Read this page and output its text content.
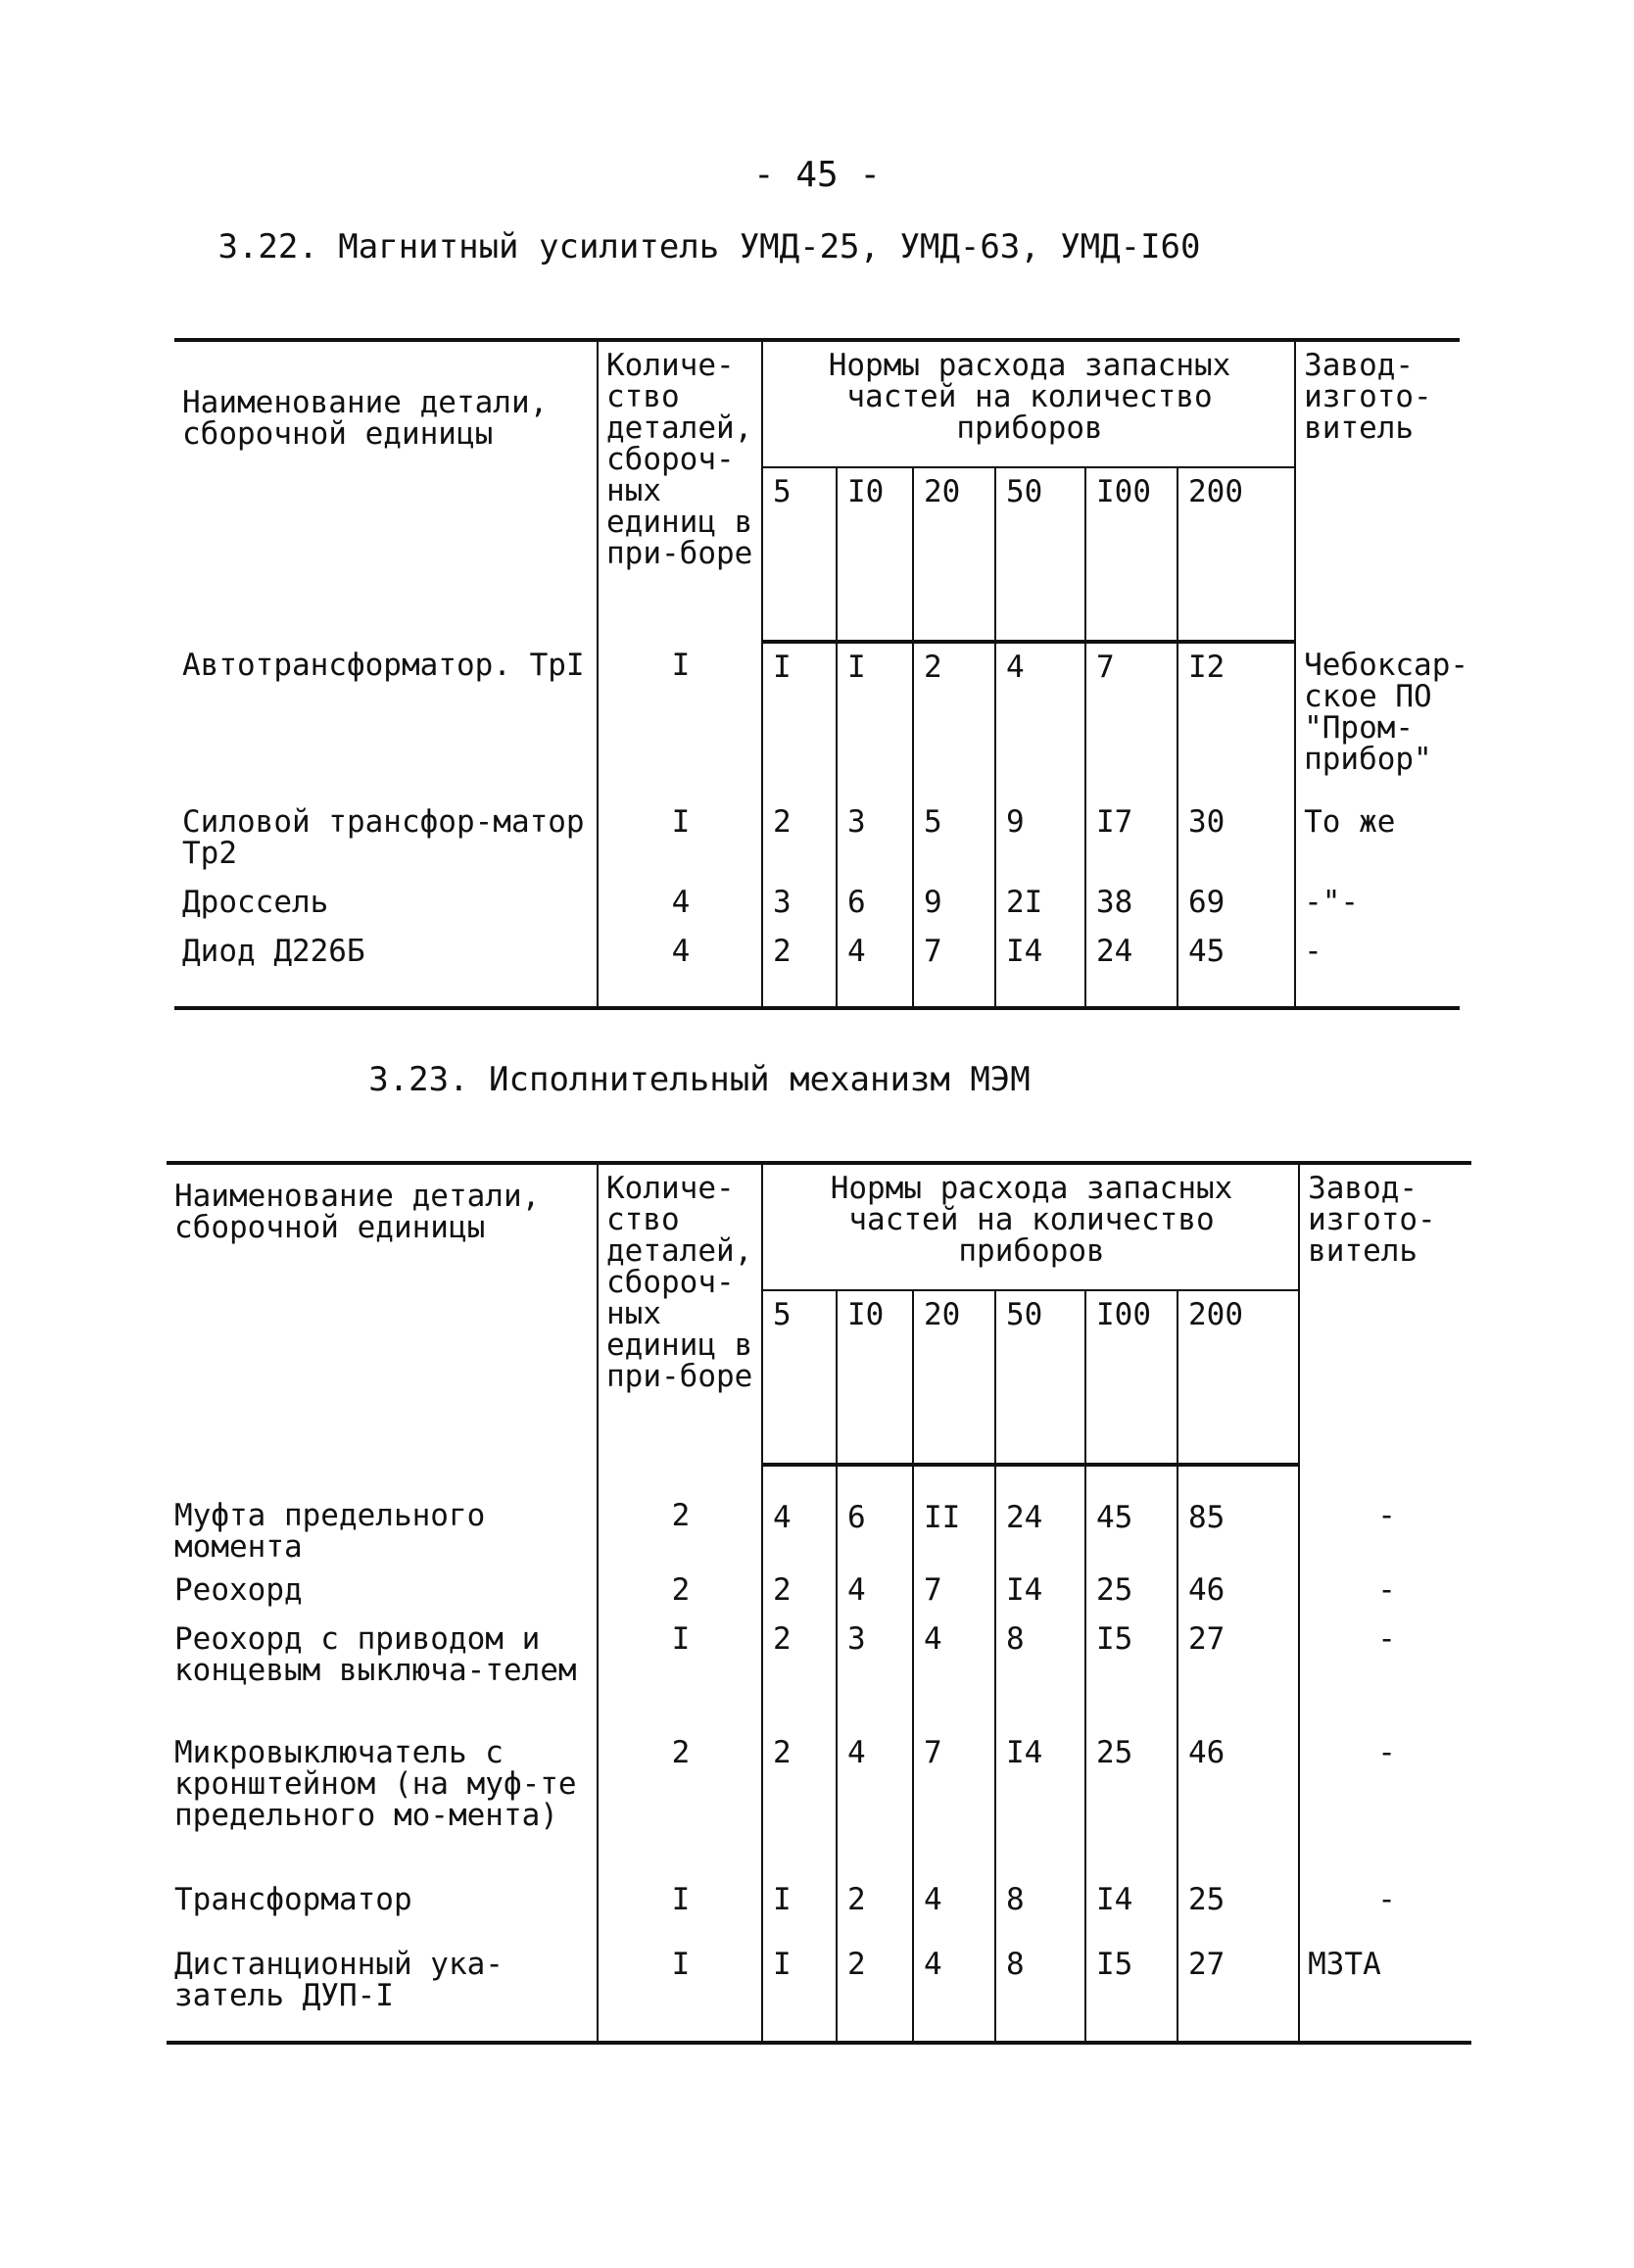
- 45 -
3.22. Магнитный усилитель УМД-25, УМД-63, УМД-I60
Наименование детали, сборочной единицы	Количе-ство деталей, сбороч-ных единиц в при-боре	Нормы расхода запасных частей на количество приборов						Завод-изгото-витель
		5	I0	20	50	I00	200	
Автотрансформатор. ТрI	I	I	I	2	4	7	I2	Чебоксар-ское ПО "Пром-прибор"
Силовой трансфор-матор Тр2	I	2	3	5	9	I7	30	То же
Дроссель	4	3	6	9	2I	38	69	-"-
Диод Д226Б	4	2	4	7	I4	24	45	-
3.23. Исполнительный механизм МЭМ
Наименование детали, сборочной единицы	Количе-ство деталей, сбороч-ных единиц в при-боре	Нормы расхода запасных частей на количество приборов						Завод-изгото-витель
		5	I0	20	50	I00	200	
Муфта предельного момента	2	4	6	II	24	45	85	-
Реохорд	2	2	4	7	I4	25	46	-
Реохорд с приводом и концевым выключа-телем	I	2	3	4	8	I5	27	-
Микровыключатель с кронштейном (на муф-те предельного мо-мента)	2	2	4	7	I4	25	46	-
Трансформатор	I	I	2	4	8	I4	25	-
Дистанционный ука-затель ДУП-I	I	I	2	4	8	I5	27	МЗТА
